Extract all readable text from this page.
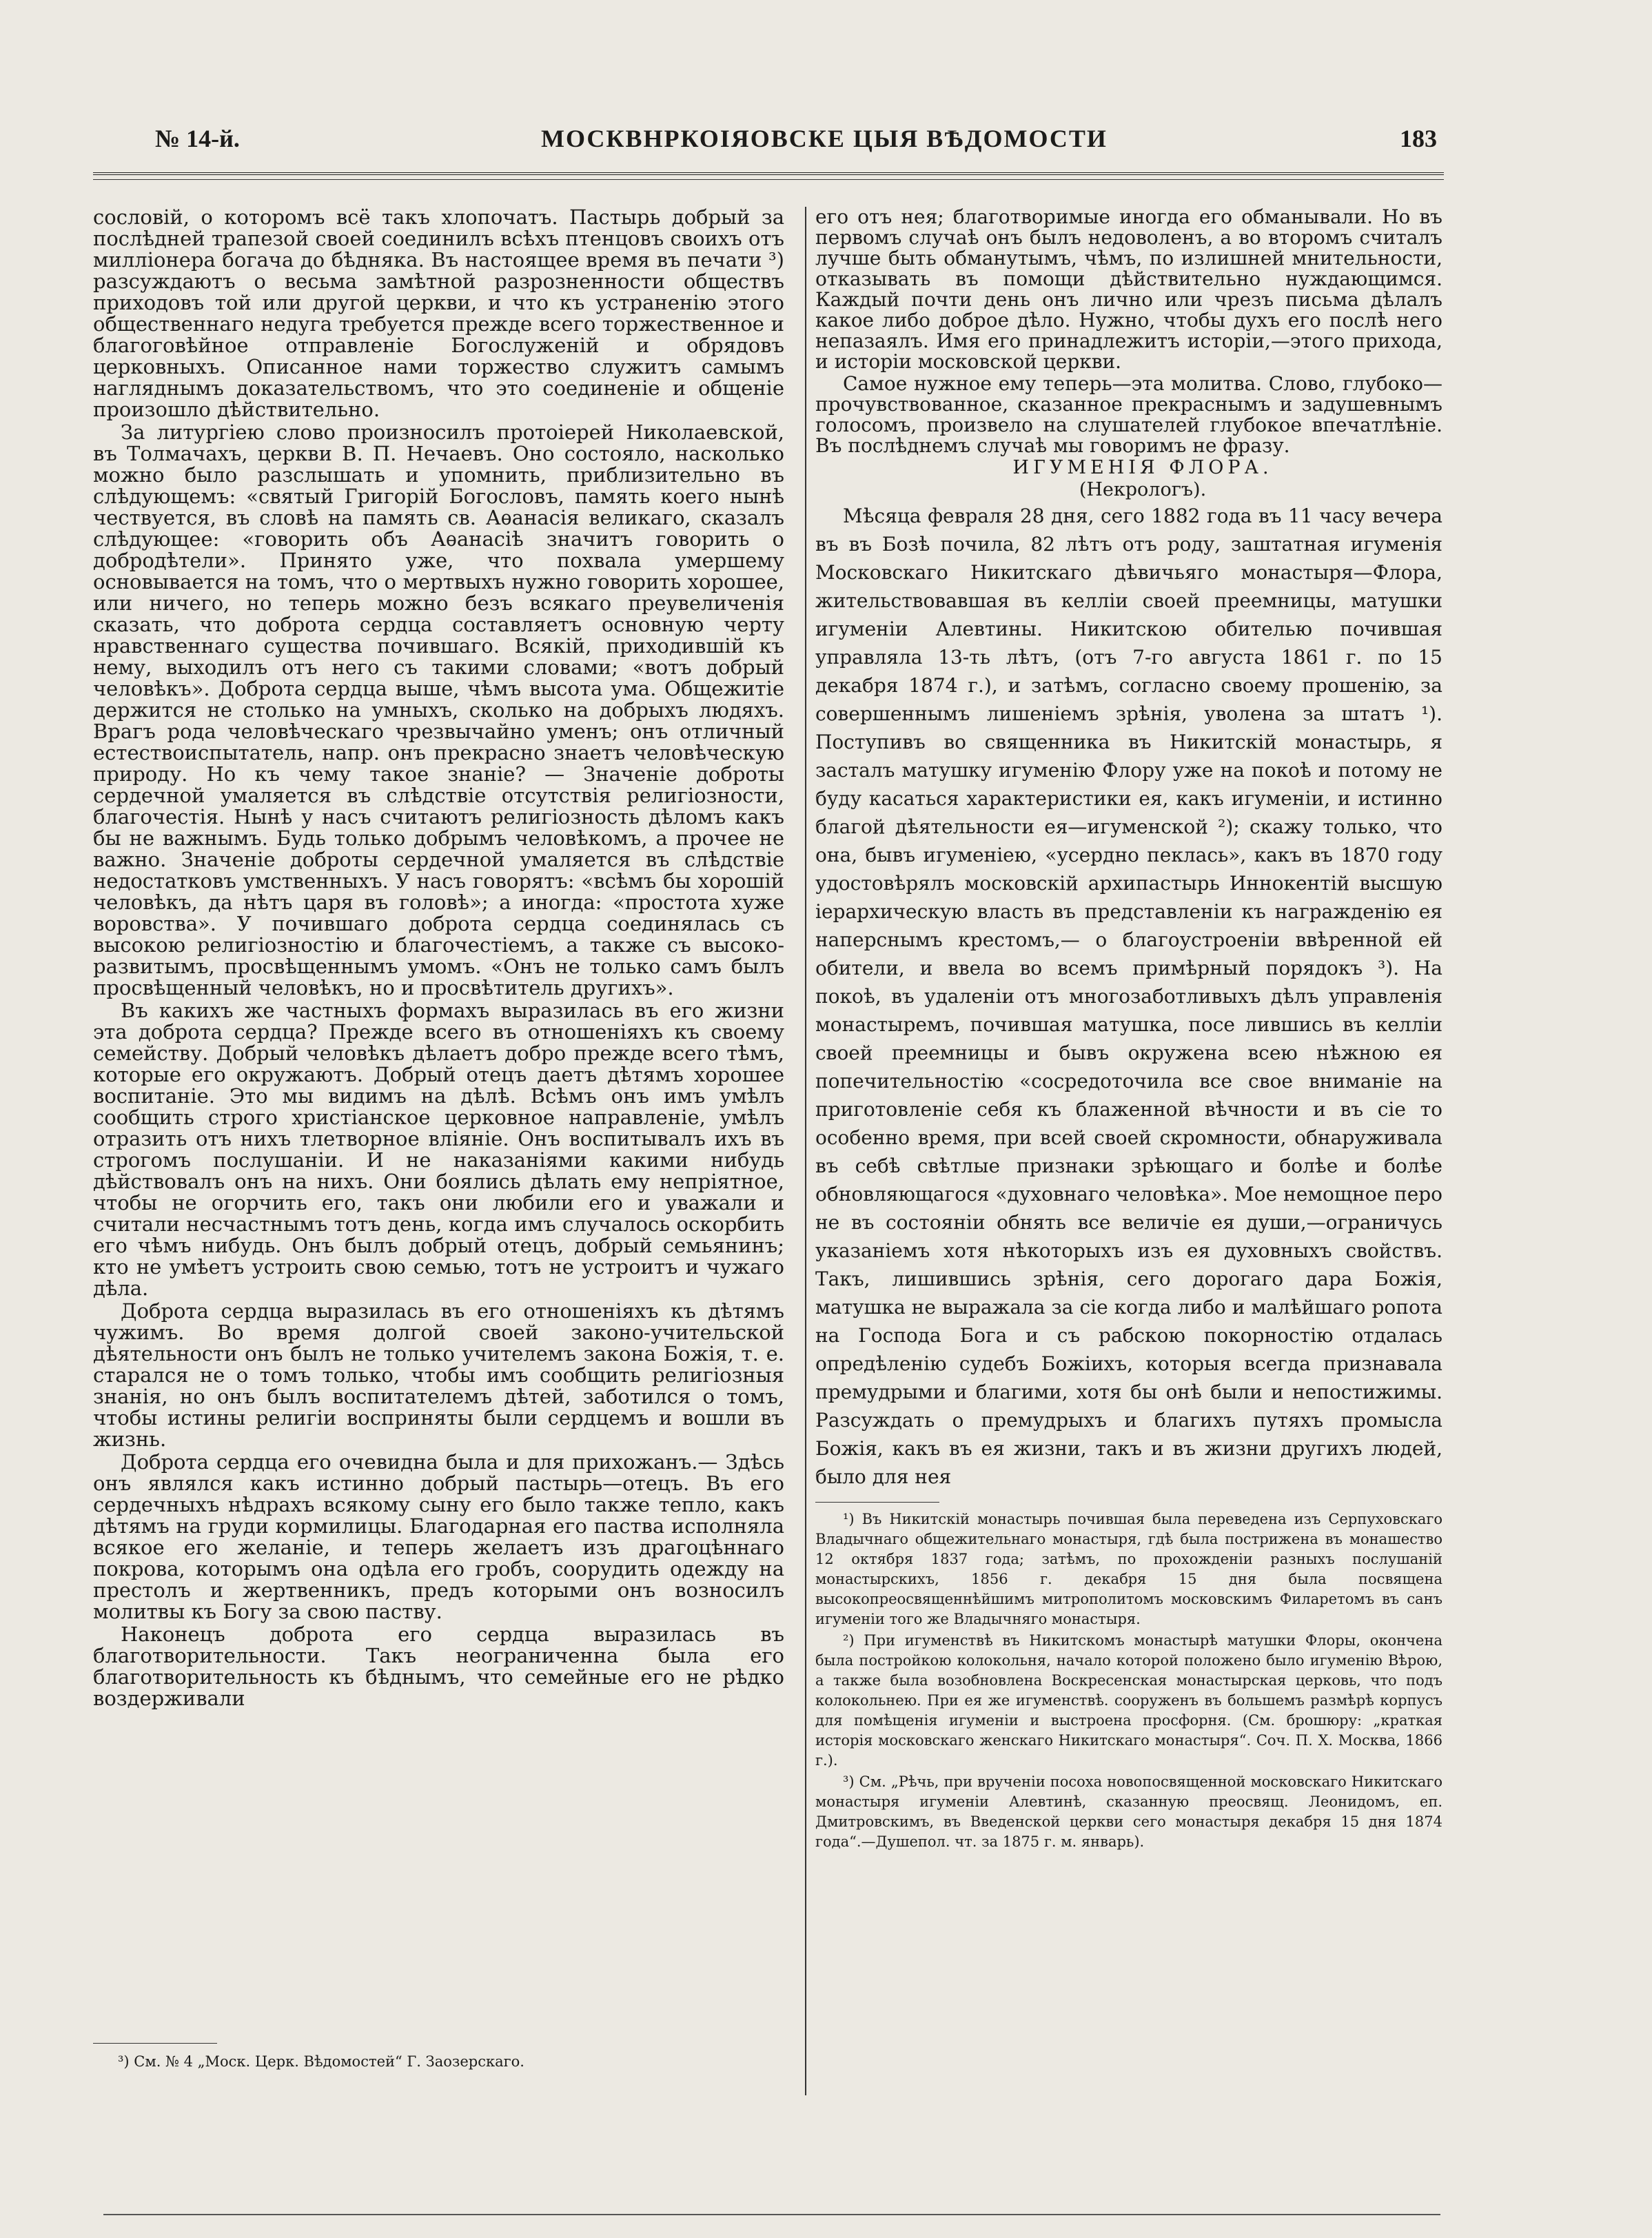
№ 14-й.	МОСКВНРКОІЯОВСКЕ ЦЫЯ ВѢДОМОСТИ	183

сословій, о которомъ всё такъ хлопочатъ. Пастырь добрый за послѣдней трапезой своей соединилъ всѣхъ птенцовъ своихъ отъ милліонера богача до бѣдняка. Въ настоящее время въ печати ³) разсуждаютъ о весьма замѣтной разрозненности обществъ приходовъ той или другой церкви, и что къ устраненію этого общественнаго недуга требуется прежде всего торжественное и благоговѣйное отправленіе Богослуженій и обрядовъ церковныхъ. Описанное нами торжество служитъ самымъ нагляднымъ доказательствомъ, что это соединеніе и общеніе произошло дѣйствительно.

За литургіею слово произносилъ протоіерей Николаевской, въ Толмачахъ, церкви В. П. Нечаевъ. Оно состояло, насколько можно было разслышать и упомнить, приблизительно въ слѣдующемъ: «святый Григорій Богословъ, память коего нынѣ чествуется, въ словѣ на память св. Аѳанасія великаго, сказалъ слѣдующее: «говорить объ Аѳанасіѣ значитъ говорить о добродѣтели». Принято уже, что похвала умершему основывается на томъ, что о мертвыхъ нужно говорить хорошее, или ничего, но теперь можно безъ всякаго преувеличенія сказать, что доброта сердца составляетъ основную черту нравственнаго существа почившаго. Всякій, приходившій къ нему, выходилъ отъ него съ такими словами; «вотъ добрый человѣкъ». Доброта сердца выше, чѣмъ высота ума. Общежитіе держится не столько на умныхъ, сколько на добрыхъ людяхъ. Врагъ рода человѣческаго чрезвычайно уменъ; онъ отличный естествоиспытатель, напр. онъ прекрасно знаетъ человѣческую природу. Но къ чему такое знаніе? — Значеніе доброты сердечной умаляется въ слѣдствіе отсутствія религіозности, благочестія. Нынѣ у насъ считаютъ религіозность дѣломъ какъ бы не важнымъ. Будь только добрымъ человѣкомъ, а прочее не важно. Значеніе доброты сердечной умаляется въ слѣдствіе недостатковъ умственныхъ. У насъ говорятъ: «всѣмъ бы хорошій человѣкъ, да нѣтъ царя въ головѣ»; а иногда: «простота хуже воровства». У почившаго доброта сердца соединялась съ высокою религіозностію и благочестіемъ, а также съ высоко-развитымъ, просвѣщеннымъ умомъ. «Онъ не только самъ былъ просвѣщенный человѣкъ, но и просвѣтитель другихъ».

Въ какихъ же частныхъ формахъ выразилась въ его жизни эта доброта сердца? Прежде всего въ отношеніяхъ къ своему семейству. Добрый человѣкъ дѣлаетъ добро прежде всего тѣмъ, которые его окружаютъ. Добрый отецъ даетъ дѣтямъ хорошее воспитаніе. Это мы видимъ на дѣлѣ. Всѣмъ онъ имъ умѣлъ сообщить строго христіанское церковное направленіе, умѣлъ отразить отъ нихъ тлетворное вліяніе. Онъ воспитывалъ ихъ въ строгомъ послушаніи. И не наказаніями какими нибудь дѣйствовалъ онъ на нихъ. Они боялись дѣлать ему непріятное, чтобы не огорчить его, такъ они любили его и уважали и считали несчастнымъ тотъ день, когда имъ случалось оскорбить его чѣмъ нибудь. Онъ былъ добрый отецъ, добрый семьянинъ; кто не умѣетъ устроить свою семью, тотъ не устроитъ и чужаго дѣла.

Доброта сердца выразилась въ его отношеніяхъ къ дѣтямъ чужимъ. Во время долгой своей законо-учительской дѣятельности онъ былъ не только учителемъ закона Божія, т. е. старался не о томъ только, чтобы имъ сообщить религіозныя знанія, но онъ былъ воспитателемъ дѣтей, заботился о томъ, чтобы истины религіи восприняты были сердцемъ и вошли въ жизнь.

Доброта сердца его очевидна была и для прихожанъ.— Здѣсь онъ являлся какъ истинно добрый пастырь—отецъ. Въ его сердечныхъ нѣдрахъ всякому сыну его было также тепло, какъ дѣтямъ на груди кормилицы. Благодарная его паства исполняла всякое его желаніе, и теперь желаетъ изъ драгоцѣннаго покрова, которымъ она одѣла его гробъ, соорудить одежду на престолъ и жертвенникъ, предъ которыми онъ возносилъ молитвы къ Богу за свою паству.

Наконецъ доброта его сердца выразилась въ благотворительности. Такъ неограниченна была его благотворительность къ бѣднымъ, что семейные его не рѣдко воздерживали

³) См. № 4 „Моск. Церк. Вѣдомостей“ Г. Заозерскаго.

его отъ нея; благотворимые иногда его обманывали. Но въ первомъ случаѣ онъ былъ недоволенъ, а во второмъ считалъ лучше быть обманутымъ, чѣмъ, по излишней мнительности, отказывать въ помощи дѣйствительно нуждающимся. Каждый почти день онъ лично или чрезъ письма дѣлалъ какое либо доброе дѣло. Нужно, чтобы духъ его послѣ него непазаялъ. Имя его принадлежитъ исторіи,—этого прихода, и исторіи московской церкви.

Самое нужное ему теперь—эта молитва. Слово, глубоко—прочувствованное, сказанное прекраснымъ и задушевнымъ голосомъ, произвело на слушателей глубокое впечатлѣніе. Въ послѣднемъ случаѣ мы говоримъ не фразу.

ИГУМЕНІЯ ФЛОРА.

(Некрологъ).

Мѣсяца февраля 28 дня, сего 1882 года въ 11 часу вечера въ въ Бозѣ почила, 82 лѣтъ отъ роду, заштатная игуменія Московскаго Никитскаго дѣвичьяго монастыря—Флора, жительствовавшая въ келліи своей преемницы, матушки игуменіи Алевтины. Никитскою обителью почившая управляла 13-ть лѣтъ, (отъ 7-го августа 1861 г. по 15 декабря 1874 г.), и затѣмъ, согласно своему прошенію, за совершеннымъ лишеніемъ зрѣнія, уволена за штатъ ¹). Поступивъ во священника въ Никитскій монастырь, я засталъ матушку игуменію Флору уже на покоѣ и потому не буду касаться характеристики ея, какъ игуменіи, и истинно благой дѣятельности ея—игуменской ²); скажу только, что она, бывъ игуменіею, «усердно пеклась», какъ въ 1870 году удостовѣрялъ московскій архипастырь Иннокентій высшую іерархическую власть въ представленіи къ награжденію ея наперснымъ крестомъ,— о благоустроеніи ввѣренной ей обители, и ввела во всемъ примѣрный порядокъ ³). На покоѣ, въ удаленіи отъ многозаботливыхъ дѣлъ управленія монастыремъ, почившая матушка, посе лившись въ келліи своей преемницы и бывъ окружена всею нѣжною ея попечительностію «сосредоточила все свое вниманіе на приготовленіе себя къ блаженной вѣчности и въ сіе то особенно время, при всей своей скромности, обнаруживала въ себѣ свѣтлые признаки зрѣющаго и болѣе и болѣе обновляющагося «духовнаго человѣка». Мое немощное перо не въ состояніи обнять все величіе ея души,—ограничусь указаніемъ хотя нѣкоторыхъ изъ ея духовныхъ свойствъ. Такъ, лишившись зрѣнія, сего дорогаго дара Божія, матушка не выражала за сіе когда либо и малѣйшаго ропота на Господа Бога и съ рабскою покорностію отдалась опредѣленію судебъ Божіихъ, которыя всегда признавала премудрыми и благими, хотя бы онѣ были и непостижимы. Разсуждать о премудрыхъ и благихъ путяхъ промысла Божія, какъ въ ея жизни, такъ и въ жизни другихъ людей, было для нея

¹) Въ Никитскій монастырь почившая была переведена изъ Серпуховскаго Владычнаго общежительнаго монастыря, гдѣ была пострижена въ монашество 12 октября 1837 года; затѣмъ, по прохожденіи разныхъ послушаній монастырскихъ, 1856 г. декабря 15 дня была посвящена высокопреосвященнѣйшимъ митрополитомъ московскимъ Филаретомъ въ санъ игуменіи того же Владычняго монастыря.

²) При игуменствѣ въ Никитскомъ монастырѣ матушки Флоры, окончена была постройкою колокольня, начало которой положено было игуменію Вѣрою, а также была возобновлена Воскресенская монастырская церковь, что подъ колокольнею. При ея же игуменствѣ. сооруженъ въ большемъ размѣрѣ корпусъ для помѣщенія игуменіи и выстроена просфорня. (См. брошюру: „краткая исторія московскаго женскаго Никитскаго монастыря“. Соч. П. Х. Москва, 1866 г.).

³) См. „Рѣчь, при врученіи посоха новопосвященной московскаго Никитскаго монастыря игуменіи Алевтинѣ, сказанную преосвящ. Леонидомъ, еп. Дмитровскимъ, въ Введенской церкви сего монастыря декабря 15 дня 1874 года“.—Душепол. чт. за 1875 г. м. январь).
